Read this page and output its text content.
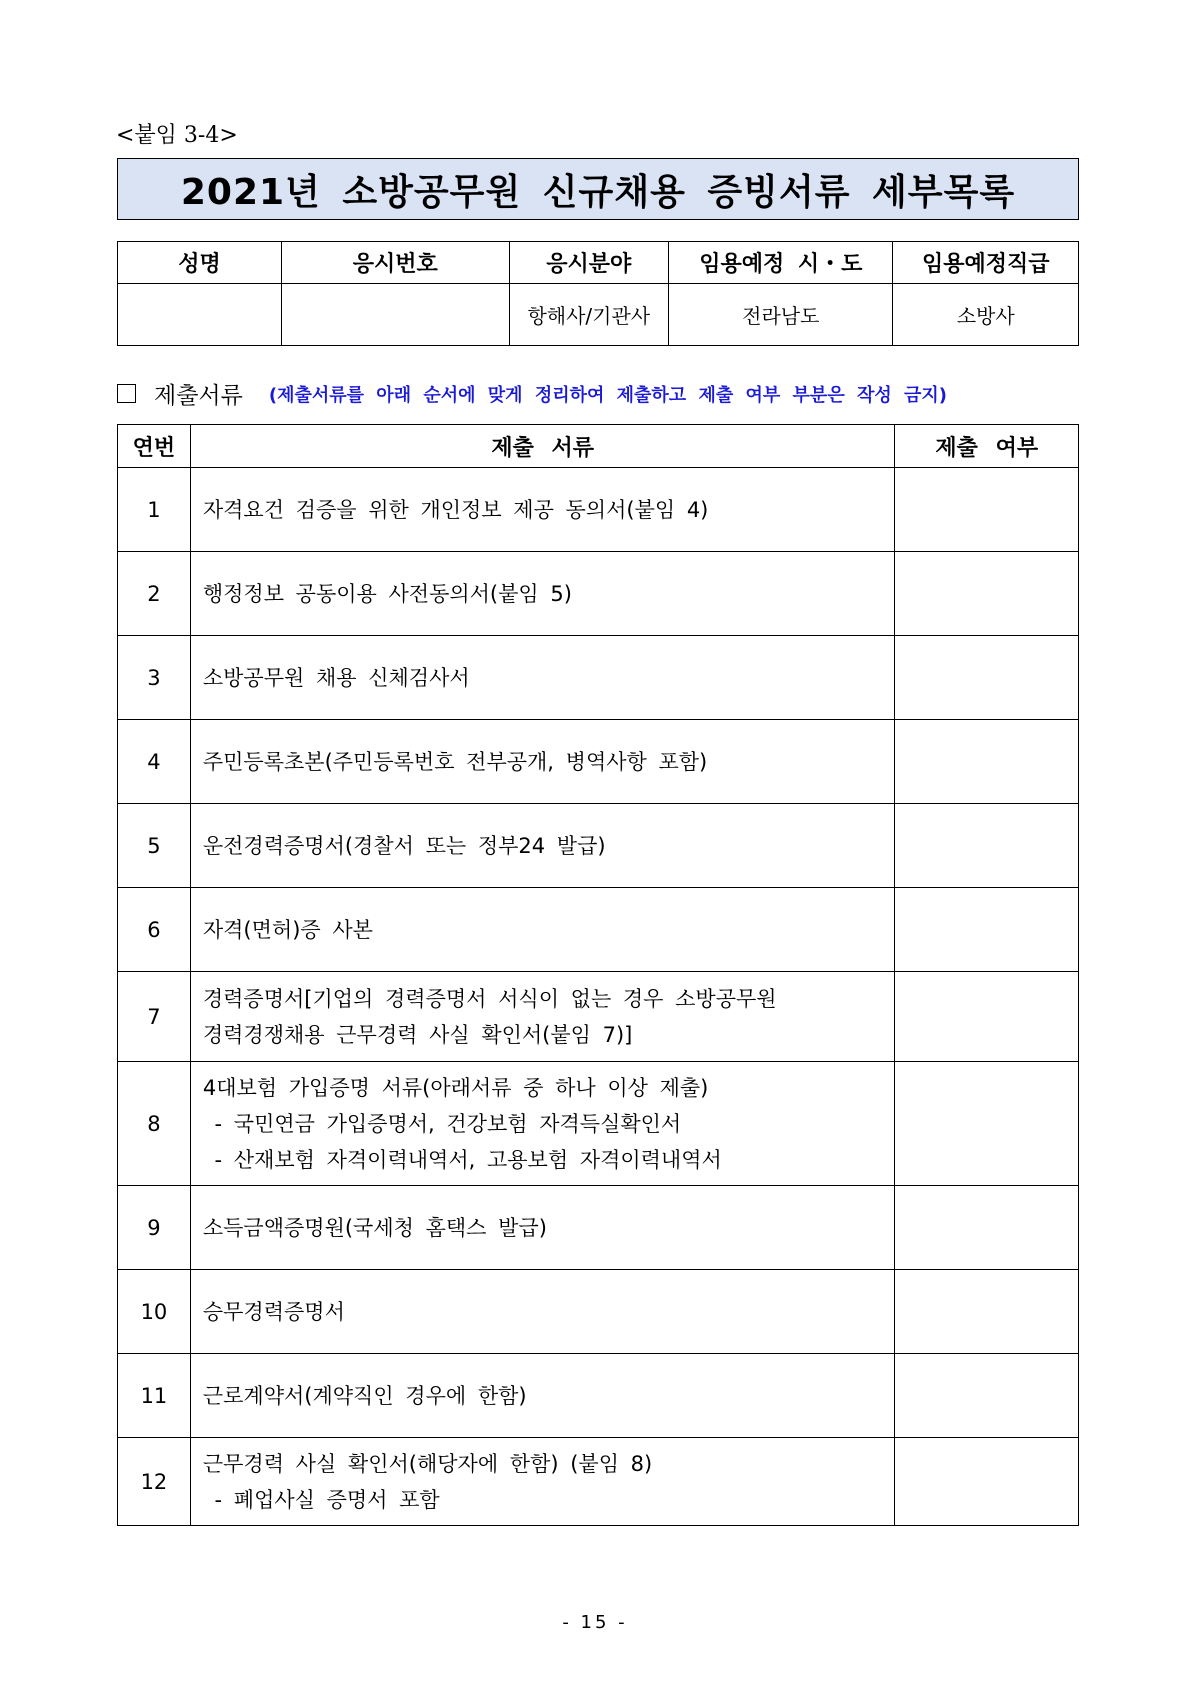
<붙임 3-4>
2021년 소방공무원 신규채용 증빙서류 세부목록
성명	응시번호	응시분야	임용예정 시・도	임용예정직급
		항해사/기관사	전라남도	소방사
제출서류 (제출서류를 아래 순서에 맞게 정리하여 제출하고 제출 여부 부분은 작성 금지)
연번	제출 서류	제출 여부
1	자격요건 검증을 위한 개인정보 제공 동의서(붙임 4)	

2	행정정보 공동이용 사전동의서(붙임 5)	

3	소방공무원 채용 신체검사서	

4	주민등록초본(주민등록번호 전부공개, 병역사항 포함)	

5	운전경력증명서(경찰서 또는 정부24 발급)	

6	자격(면허)증 사본	

7	경력증명서[기업의 경력증명서 서식이 없는 경우 소방공무원
경력경쟁채용 근무경력 사실 확인서(붙임 7)]	

8	4대보험 가입증명 서류(아래서류 중 하나 이상 제출)
- 국민연금 가입증명서, 건강보험 자격득실확인서
- 산재보험 자격이력내역서, 고용보험 자격이력내역서	

9	소득금액증명원(국세청 홈택스 발급)	

10	승무경력증명서	

11	근로계약서(계약직인 경우에 한함)	

12	근무경력 사실 확인서(해당자에 한함) (붙임 8)
- 폐업사실 증명서 포함	

- 15 -
